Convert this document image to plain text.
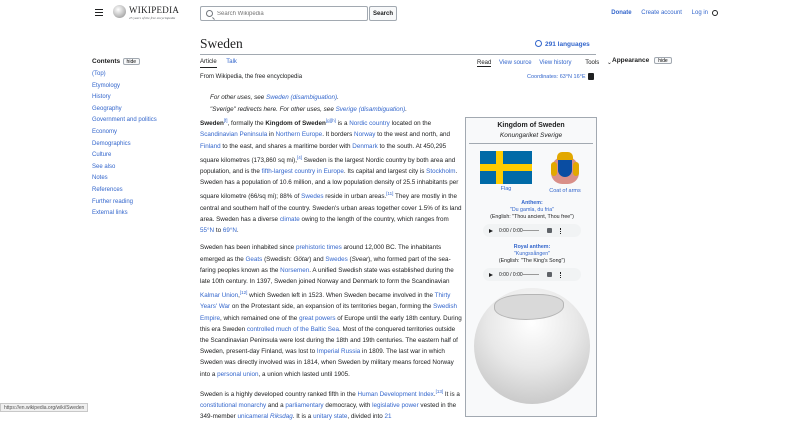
WIKIPEDIA
25 years of the free encyclopedia
Search Wikipedia
Search	Donate Create account Log in
Contents	hide
(Top)
Etymology
History
Geography
Government and politics
Economy
Demographics
Culture
See also
Notes
References
Further reading
External links
Sweden	291 languages
Article Talk	Read View source View history Tools ⌄
From Wikipedia, the free encyclopedia	Coordinates: 63°N 16°E
Appearance	hide
For other uses, see Sweden (disambiguation).
"Sverige" redirects here. For other uses, see Sverige (disambiguation).

Sweden[f], formally the Kingdom of Sweden[g][h] is a Nordic country located on the Scandinavian Peninsula in Northern Europe. It borders Norway to the west and north, and Finland to the east, and shares a maritime border with Denmark to the south. At 450,295 square kilometres (173,860 sq mi),[4] Sweden is the largest Nordic country by both area and population, and is the fifth-largest country in Europe. Its capital and largest city is Stockholm. Sweden has a population of 10.6 million, and a low population density of 25.5 inhabitants per square kilometre (66/sq mi); 88% of Swedes reside in urban areas.[11] They are mostly in the central and southern half of the country. Sweden's urban areas together cover 1.5% of its land area. Sweden has a diverse climate owing to the length of the country, which ranges from 55°N to 69°N.

Sweden has been inhabited since prehistoric times around 12,000 BC. The inhabitants emerged as the Geats (Swedish: Götar) and Swedes (Svear), who formed part of the sea-faring peoples known as the Norsemen. A unified Swedish state was established during the late 10th century. In 1397, Sweden joined Norway and Denmark to form the Scandinavian Kalmar Union,[12] which Sweden left in 1523. When Sweden became involved in the Thirty Years' War on the Protestant side, an expansion of its territories began, forming the Swedish Empire, which remained one of the great powers of Europe until the early 18th century. During this era Sweden controlled much of the Baltic Sea. Most of the conquered territories outside the Scandinavian Peninsula were lost during the 18th and 19th centuries. The eastern half of Sweden, present-day Finland, was lost to Imperial Russia in 1809. The last war in which Sweden was directly involved was in 1814, when Sweden by military means forced Norway into a personal union, a union which lasted until 1905.

Sweden is a highly developed country ranked fifth in the Human Development Index.[13] It is a constitutional monarchy and a parliamentary democracy, with legislative power vested in the 349-member unicameral Riksdag. It is a unitary state, divided into 21

Kingdom of Sweden
Konungariket Sverige
Flag	Coat of arms
Anthem:
"Du gamla, du fria"
(English: "Thou ancient, Thou free")
0:00 / 0:00
Royal anthem:
"Kungssången"
(English: "The King's Song")
0:00 / 0:00
https://en.wikipedia.org/wiki/Sweden
